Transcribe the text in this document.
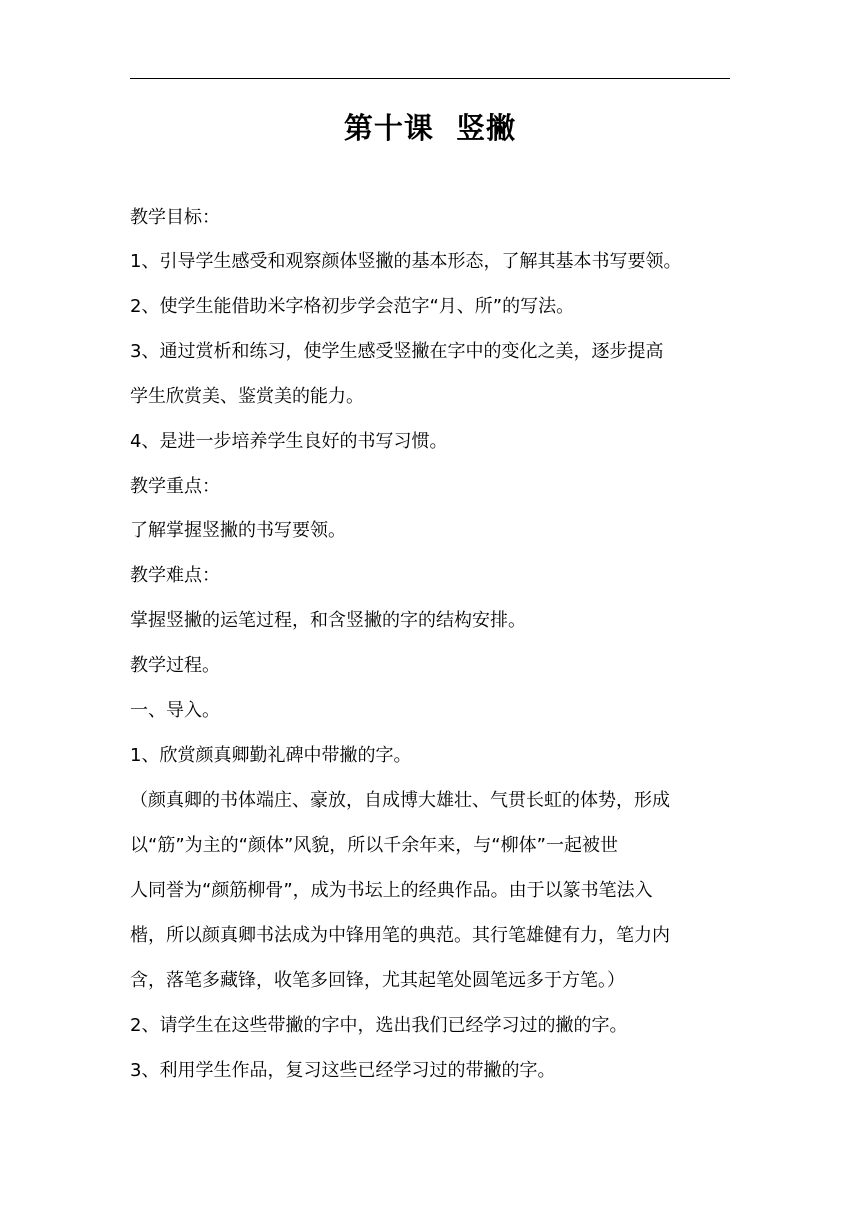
第十课  竖撇
教学目标：
1、引导学生感受和观察颜体竖撇的基本形态，了解其基本书写要领。
2、使学生能借助米字格初步学会范字“月、所”的写法。
3、通过赏析和练习，使学生感受竖撇在字中的变化之美，逐步提高
学生欣赏美、鉴赏美的能力。
4、是进一步培养学生良好的书写习惯。
教学重点：
了解掌握竖撇的书写要领。
教学难点：
掌握竖撇的运笔过程，和含竖撇的字的结构安排。
教学过程。
一、导入。
1、欣赏颜真卿勤礼碑中带撇的字。
（颜真卿的书体端庄、豪放，自成博大雄壮、气贯长虹的体势，形成
以“筋”为主的“颜体”风貌，所以千余年来，与“柳体”一起被世
人同誉为“颜筋柳骨”，成为书坛上的经典作品。由于以篆书笔法入
楷，所以颜真卿书法成为中锋用笔的典范。其行笔雄健有力，笔力内
含，落笔多藏锋，收笔多回锋，尤其起笔处圆笔远多于方笔。）
2、请学生在这些带撇的字中，选出我们已经学习过的撇的字。
3、利用学生作品，复习这些已经学习过的带撇的字。
